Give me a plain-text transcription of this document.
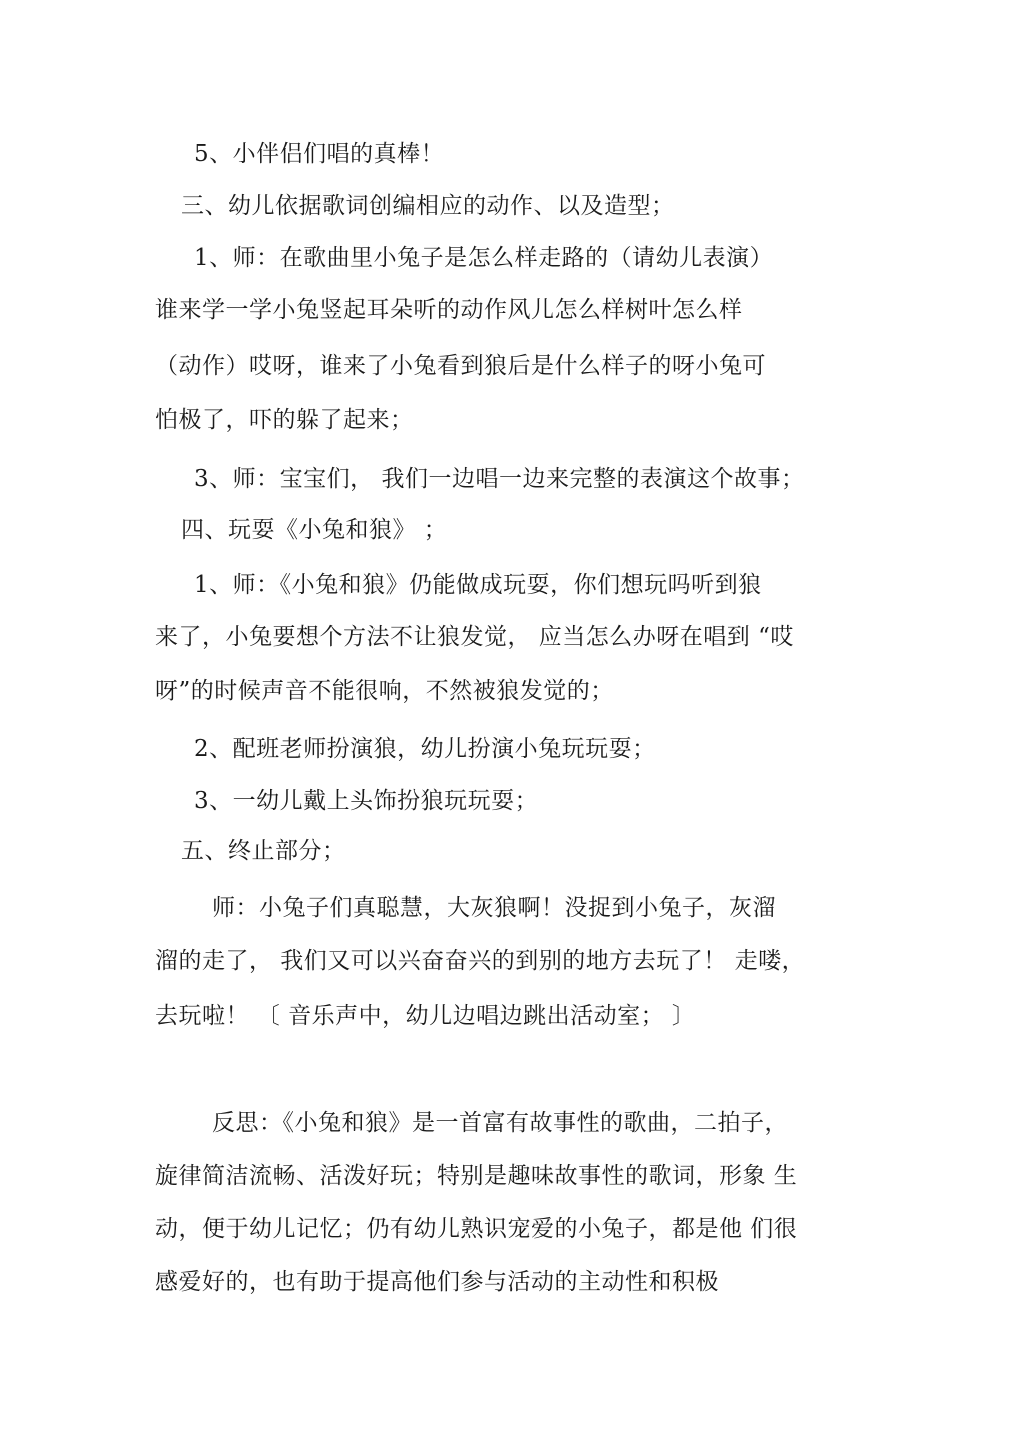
5、小伴侣们唱的真棒！
三、幼儿依据歌词创编相应的动作、以及造型；
1、师：在歌曲里小兔子是怎么样走路的（请幼儿表演）
谁来学一学小兔竖起耳朵听的动作风儿怎么样树叶怎么样
（动作）哎呀，谁来了小兔看到狼后是什么样子的呀小兔可
怕极了，吓的躲了起来；
3、师：宝宝们， 我们一边唱一边来完整的表演这个故事；
四、玩耍《小兔和狼》 ；
1、师：《小兔和狼》仍能做成玩耍，你们想玩吗听到狼
来了，小兔要想个方法不让狼发觉， 应当怎么办呀在唱到 “哎
呀”的时候声音不能很响，不然被狼发觉的；
2、配班老师扮演狼，幼儿扮演小兔玩玩耍；
3、一幼儿戴上头饰扮狼玩玩耍；
五、终止部分；
师：小兔子们真聪慧，大灰狼啊！没捉到小兔子，灰溜
溜的走了， 我们又可以兴奋奋兴的到别的地方去玩了！ 走喽，
去玩啦！ 〔 音乐声中，幼儿边唱边跳出活动室； 〕
反思：《小兔和狼》是一首富有故事性的歌曲，二拍子，
旋律简洁流畅、活泼好玩；特别是趣味故事性的歌词，形象 生
动，便于幼儿记忆；仍有幼儿熟识宠爱的小兔子，都是他 们很
感爱好的，也有助于提高他们参与活动的主动性和积极
